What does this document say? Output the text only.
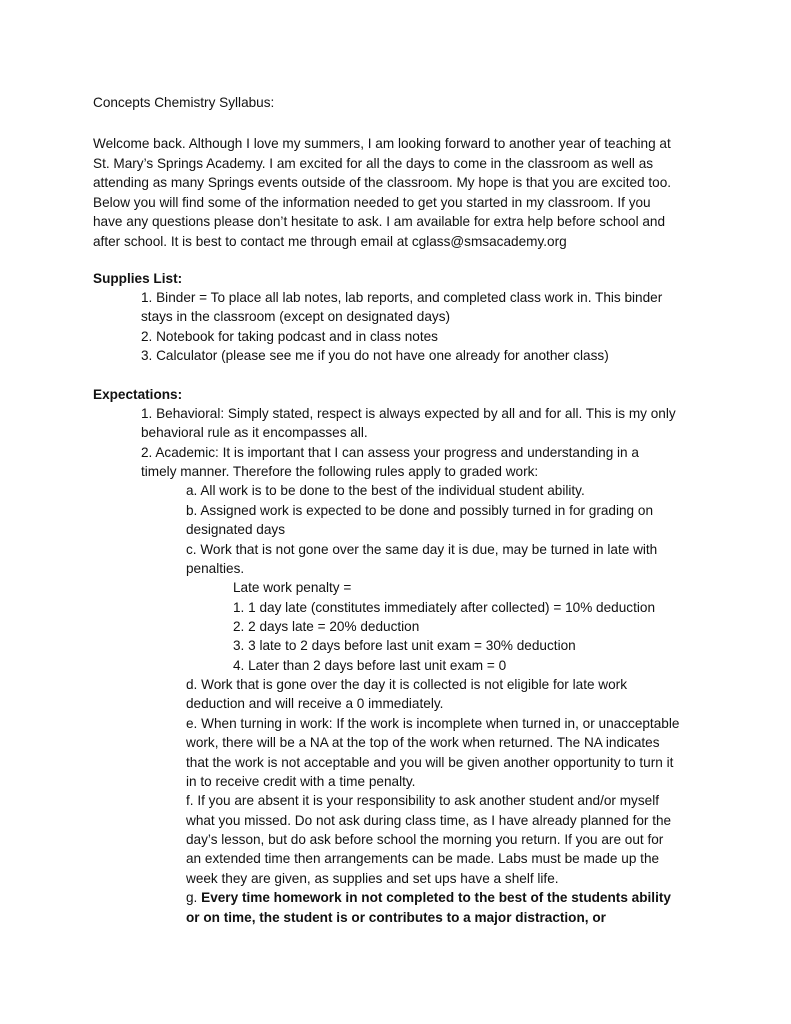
Concepts Chemistry Syllabus:
Welcome back. Although I love my summers, I am looking forward to another year of teaching at
St. Mary’s Springs Academy. I am excited for all the days to come in the classroom as well as
attending as many Springs events outside of the classroom. My hope is that you are excited too.
Below you will find some of the information needed to get you started in my classroom. If you
have any questions please don’t hesitate to ask. I am available for extra help before school and
after school. It is best to contact me through email at cglass@smsacademy.org
Supplies List:
1. Binder = To place all lab notes, lab reports, and completed class work in. This binder
stays in the classroom (except on designated days)
2. Notebook for taking podcast and in class notes
3. Calculator (please see me if you do not have one already for another class)
Expectations:
1. Behavioral: Simply stated, respect is always expected by all and for all. This is my only
behavioral rule as it encompasses all.
2. Academic: It is important that I can assess your progress and understanding in a
timely manner. Therefore the following rules apply to graded work:
a. All work is to be done to the best of the individual student ability.
b. Assigned work is expected to be done and possibly turned in for grading on
designated days
c. Work that is not gone over the same day it is due, may be turned in late with
penalties.
Late work penalty =
1. 1 day late (constitutes immediately after collected) = 10% deduction
2. 2 days late = 20% deduction
3. 3 late to 2 days before last unit exam = 30% deduction
4. Later than 2 days before last unit exam = 0
d. Work that is gone over the day it is collected is not eligible for late work
deduction and will receive a 0 immediately.
e. When turning in work: If the work is incomplete when turned in, or unacceptable
work, there will be a NA at the top of the work when returned. The NA indicates
that the work is not acceptable and you will be given another opportunity to turn it
in to receive credit with a time penalty.
f. If you are absent it is your responsibility to ask another student and/or myself
what you missed. Do not ask during class time, as I have already planned for the
day’s lesson, but do ask before school the morning you return. If you are out for
an extended time then arrangements can be made. Labs must be made up the
week they are given, as supplies and set ups have a shelf life.
g. Every time homework in not completed to the best of the students ability
or on time, the student is or contributes to a major distraction, or
